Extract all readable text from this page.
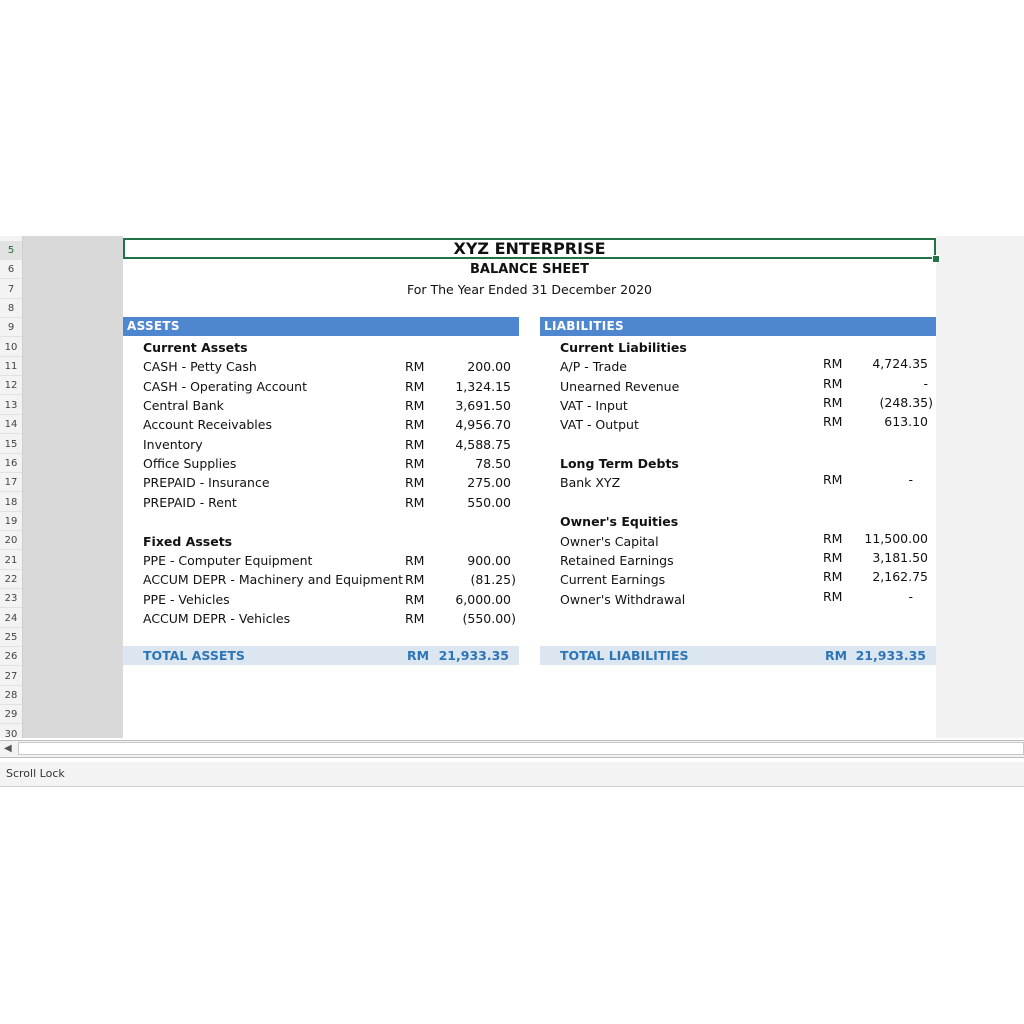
5
6
7
8
9
10
11
12
13
14
15
16
17
18
19
20
21
22
23
24
25
26
27
28
29
30
XYZ ENTERPRISE
BALANCE SHEET
For The Year Ended 31 December 2020
ASSETS	LIABILITIES
Current Assets
CASH - Petty Cash	RM	200.00
CASH - Operating Account	RM	1,324.15
Central Bank	RM	3,691.50
Account Receivables	RM	4,956.70
Inventory	RM	4,588.75
Office Supplies	RM	78.50
PREPAID - Insurance	RM	275.00
PREPAID - Rent	RM	550.00
Fixed Assets
PPE - Computer Equipment	RM	900.00
ACCUM DEPR - Machinery and Equipment RM	(81.25)
PPE - Vehicles	RM	6,000.00
ACCUM DEPR - Vehicles	RM	(550.00)
TOTAL ASSETS	RM 21,933.35
Current Liabilities
A/P - Trade	RM	4,724.35
Unearned Revenue	RM	-
VAT - Input	RM	(248.35)
VAT - Output	RM	613.10
Long Term Debts
Bank XYZ	RM	-
Owner's Equities
Owner's Capital	RM	11,500.00
Retained Earnings	RM	3,181.50
Current Earnings	RM	2,162.75
Owner's Withdrawal	RM	-
TOTAL LIABILITIES	RM 21,933.35
◀
Scroll Lock
